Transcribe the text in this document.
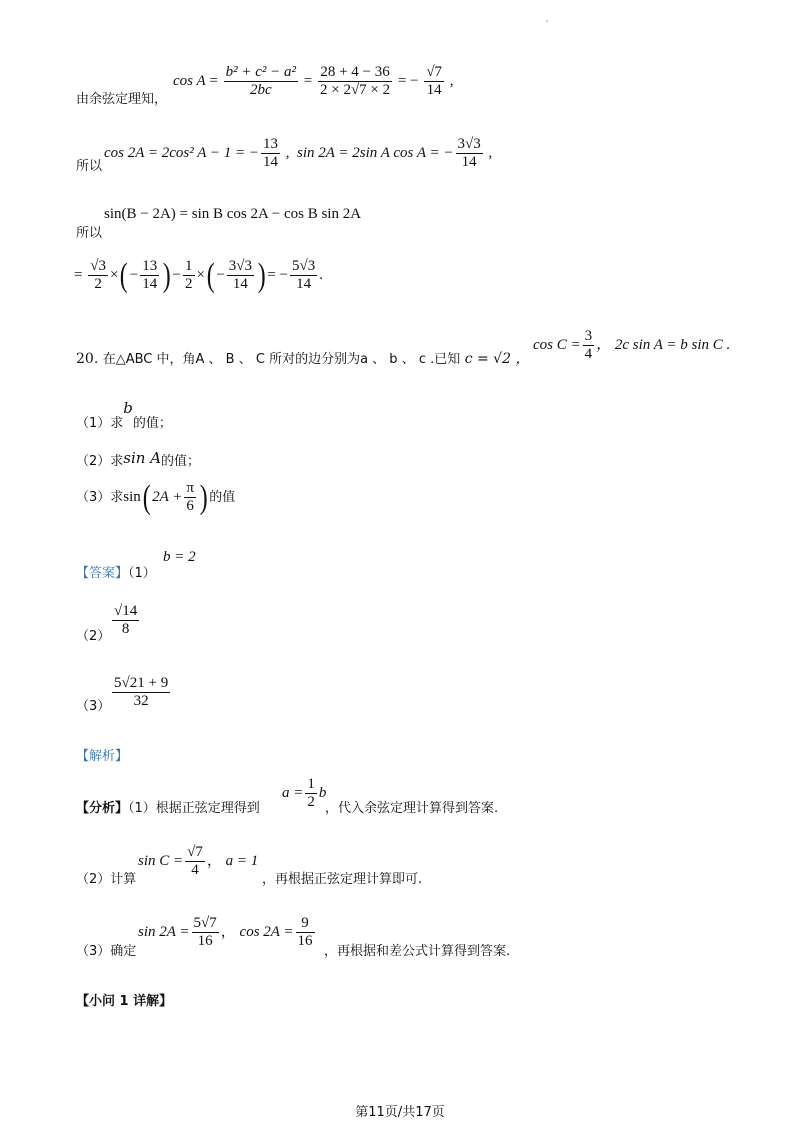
由余弦定理知，
$\cos A = \frac{\text{b² + c² − a²}}{2bc} = \frac{28 + 4 - 36}{2 \times 2√7 \times 2}$ = − $\frac{√7}{14}$ ,
所以
cos 2A = 2cos² A − 1 = − $\frac{13}{14}$ ,  sin 2A = 2sin A cos A = − $\frac{3√3}{14}$ ,
所以
sin(B − 2A) = sin B cos 2A − cos B sin 2A
= $\frac{√3}{2}$ ×( − $\frac{13}{14}$ ) − $\frac{1}{2}$ ×( − $\frac{3√3}{14}$ ) = − $\frac{5√3}{14}$ .
20. 在△ABC 中，角A 、 B 、 C 所对的边分别为a 、 b 、 c .已知 c = √2 ，
$\cos C = \frac{3}{4}$ ， 2c sin A = b sin C .
（1）求b的值；
（2）求sin A的值；
（3）求sin( $2A + \frac{\pi}{6}$ ) 的值
【答案】（1）
b = 2
$(2) \frac{√14}{8}$
$(3) \frac{5√21 + 9}{32}$
【解析】
【分析】（1）根据正弦定理得到
$a = \frac{1}{2}$ b
，代入余弦定理计算得到答案.
（2）计算
$\sin C = \frac{√7}{4}$ ， a = 1
，再根据正弦定理计算即可.
（3）确定
$\sin 2A = \frac{5√7}{16}$ ， $\cos 2A = \frac{9}{16}$
，再根据和差公式计算得到答案.
【小问 1 详解】
第11页/共17页
